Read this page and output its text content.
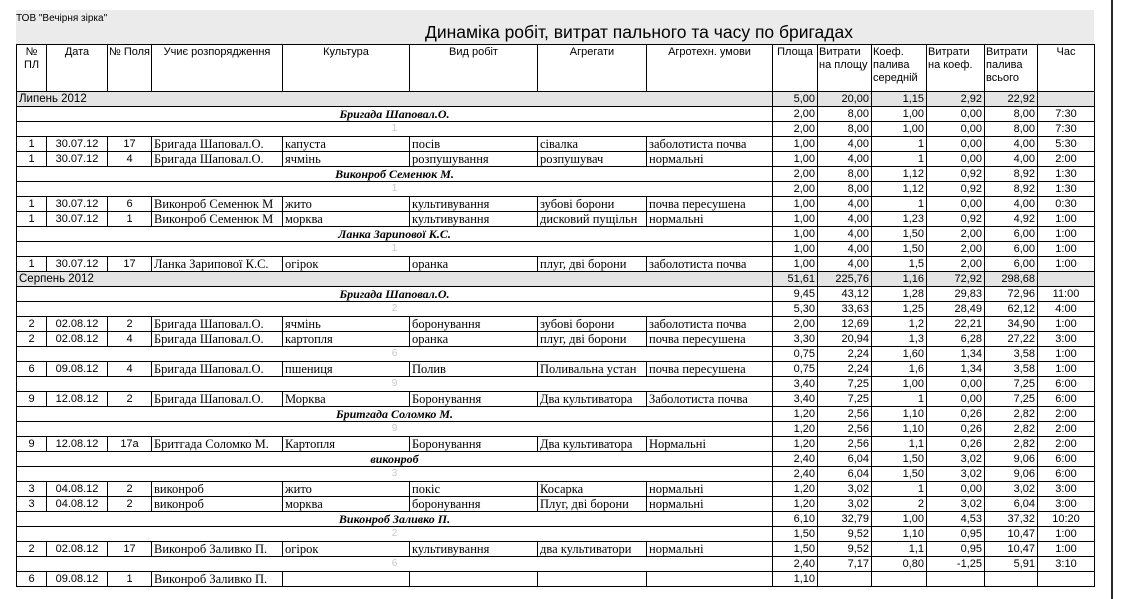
ТОВ "Вечірня зірка"
Динаміка робіт, витрат пального та часу по бригадах
№ ПЛ	Дата	№ Поля	Учиє розпорядження	Культура	Вид робіт	Агрегати	Агротехн. умови	Площа	Витрати на площу	Коеф. палива середній	Витрати на коеф.	Витрати палива всього	Час
Липень 2012								5,00	20,00	1,15	2,92	22,92	
Бригада Шаповал.О.								2,00	8,00	1,00	0,00	8,00	7:30
1								2,00	8,00	1,00	0,00	8,00	7:30
1	30.07.12	17	Бригада Шаповал.О.	капуста	посів	сівалка	заболотиста почва	1,00	4,00	1	0,00	4,00	5:30
1	30.07.12	4	Бригада Шаповал.О.	ячмінь	розпушування	розпушувач	нормальні	1,00	4,00	1	0,00	4,00	2:00
Виконроб Семенюк М.								2,00	8,00	1,12	0,92	8,92	1:30
1								2,00	8,00	1,12	0,92	8,92	1:30
1	30.07.12	6	Виконроб Семенюк М	жито	культивування	зубові борони	почва пересушена	1,00	4,00	1	0,00	4,00	0:30
1	30.07.12	1	Виконроб Семенюк М	морква	культивування	дисковий пущільн	нормальні	1,00	4,00	1,23	0,92	4,92	1:00
Ланка Зарипової К.С.								1,00	4,00	1,50	2,00	6,00	1:00
1								1,00	4,00	1,50	2,00	6,00	1:00
1	30.07.12	17	Ланка Зарипової К.С.	огірок	оранка	плуг, дві борони	заболотиста почва	1,00	4,00	1,5	2,00	6,00	1:00
Серпень 2012								51,61	225,76	1,16	72,92	298,68	
Бригада Шаповал.О.								9,45	43,12	1,28	29,83	72,96	11:00
2								5,30	33,63	1,25	28,49	62,12	4:00
2	02.08.12	2	Бригада Шаповал.О.	ячмінь	боронування	зубові борони	заболотиста почва	2,00	12,69	1,2	22,21	34,90	1:00
2	02.08.12	4	Бригада Шаповал.О.	картопля	оранка	плуг, дві борони	почва пересушена	3,30	20,94	1,3	6,28	27,22	3:00
6								0,75	2,24	1,60	1,34	3,58	1:00
6	09.08.12	4	Бригада Шаповал.О.	пшениця	Полив	Поливальна устан	почва пересушена	0,75	2,24	1,6	1,34	3,58	1:00
9								3,40	7,25	1,00	0,00	7,25	6:00
9	12.08.12	2	Бригада Шаповал.О.	Морква	Боронування	Два культиватора	Заболотиста почва	3,40	7,25	1	0,00	7,25	6:00
Бритгада Соломко М.								1,20	2,56	1,10	0,26	2,82	2:00
9								1,20	2,56	1,10	0,26	2,82	2:00
9	12.08.12	17а	Бритгада Соломко М.	Картопля	Боронування	Два культиватора	Нормальні	1,20	2,56	1,1	0,26	2,82	2:00
виконроб								2,40	6,04	1,50	3,02	9,06	6:00
3								2,40	6,04	1,50	3,02	9,06	6:00
3	04.08.12	2	виконроб	жито	покіс	Косарка	нормальні	1,20	3,02	1	0,00	3,02	3:00
3	04.08.12	2	виконроб	морква	боронування	Плуг, дві борони	нормальні	1,20	3,02	2	3,02	6,04	3:00
Виконроб Заливко П.								6,10	32,79	1,00	4,53	37,32	10:20
2								1,50	9,52	1,10	0,95	10,47	1:00
2	02.08.12	17	Виконроб Заливко П.	огірок	культивування	два культиватори	нормальні	1,50	9,52	1,1	0,95	10,47	1:00
6								2,40	7,17	0,80	-1,25	5,91	3:10
6	09.08.12	1	Виконроб Заливко П.					1,10					
